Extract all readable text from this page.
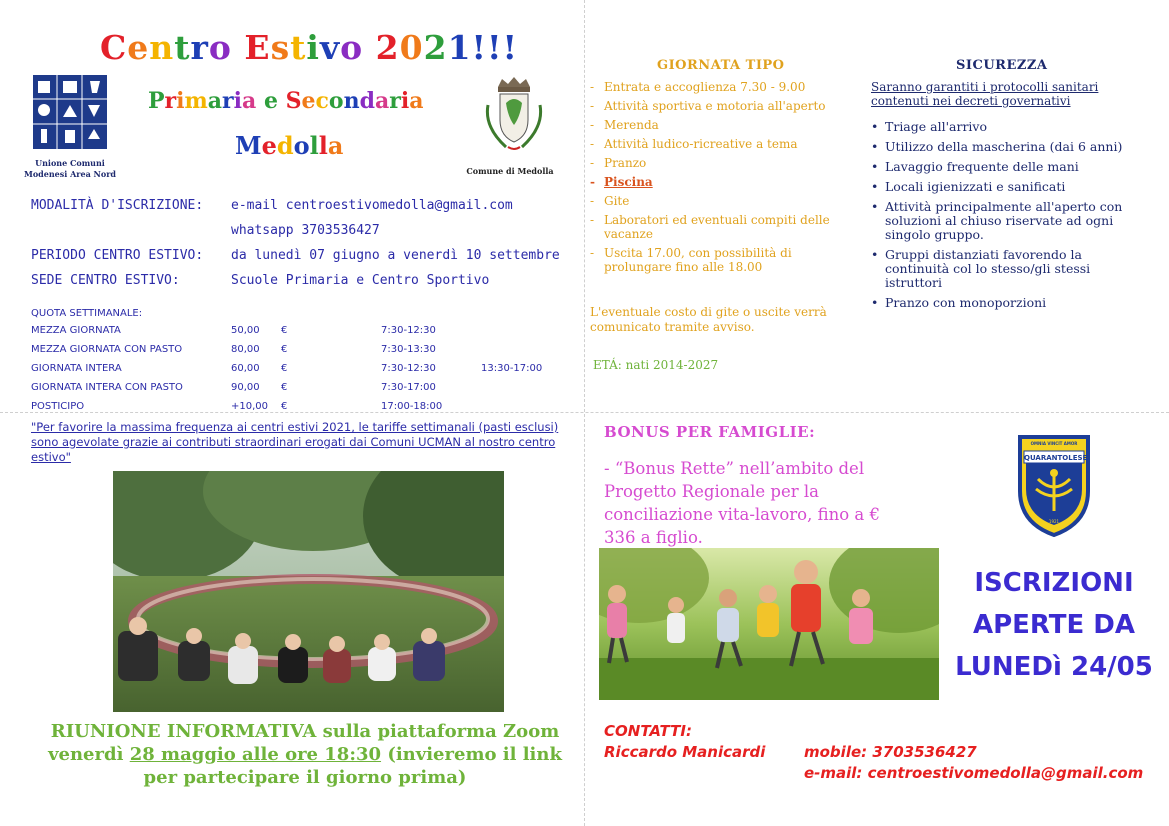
Centro Estivo 2021!!!
Primaria e Secondaria
Medolla
Unione Comuni
Modenesi Area Nord	Comune di Medolla
MODALITÀ D'ISCRIZIONE: e-mail centroestivomedolla@gmail.com
whatsapp 3703536427
PERIODO CENTRO ESTIVO: da lunedì 07 giugno a venerdì 10 settembre
SEDE CENTRO ESTIVO:	Scuole Primaria e Centro Sportivo
QUOTA SETTIMANALE:
MEZZA GIORNATA	50,00 €	7:30-12:30
MEZZA GIORNATA CON PASTO	80,00 €	7:30-13:30
GIORNATA INTERA	60,00 €	7:30-12:30	13:30-17:00
GIORNATA INTERA CON PASTO	90,00 €	7:30-17:00
POSTICIPO	+10,00 €	17:00-18:00
"Per favorire la massima frequenza ai centri estivi 2021, le tariffe settimanali (pasti esclusi) sono agevolate grazie ai contributi straordinari erogati dai Comuni UCMAN al nostro centro estivo"
RIUNIONE INFORMATIVA sulla piattaforma Zoom venerdì 28 maggio alle ore 18:30 (invieremo il link per partecipare il giorno prima)
GIORNATA TIPO
- Entrata e accoglienza 7.30 - 9.00
- Attività sportiva e motoria all'aperto
- Merenda
- Attività ludico-ricreative a tema
- Pranzo
- Piscina
- Gite
- Laboratori ed eventuali compiti delle vacanze
- Uscita 17.00, con possibilità di prolungare fino alle 18.00
L'eventuale costo di gite o uscite verrà comunicato tramite avviso.
ETÁ: nati 2014-2027
SICUREZZA
Saranno garantiti i protocolli sanitari contenuti nei decreti governativi
• Triage all'arrivo
• Utilizzo della mascherina (dai 6 anni)
• Lavaggio frequente delle mani
• Locali igienizzati e sanificati
• Attività principalmente all'aperto con soluzioni al chiuso riservate ad ogni singolo gruppo.
• Gruppi distanziati favorendo la continuità col lo stesso/gli stessi istruttori
• Pranzo con monoporzioni
BONUS PER FAMIGLIE:
- “Bonus Rette” nell’ambito del Progetto Regionale per la conciliazione vita-lavoro, fino a € 336 a figlio.
OMNIA VINCIT AMOR
QUARANTOLESE
1921
ISCRIZIONI
APERTE DA
LUNEDì 24/05
CONTATTI:
Riccardo Manicardi	mobile: 3703536427
e-mail: centroestivomedolla@gmail.com
